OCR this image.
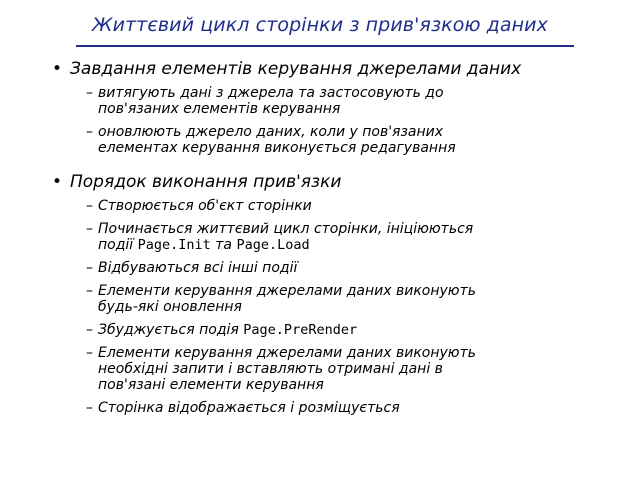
Життєвий цикл сторінки з прив'язкою даних
• Завдання елементів керування джерелами даних
– витягують дані з джерела та застосовують до
пов'язаних елементів керування
– оновлюють джерело даних, коли у пов'язаних
елементах керування виконується редагування
• Порядок виконання прив'язки
– Створюється об'єкт сторінки
– Починається життєвий цикл сторінки, ініціюються
події Page.Init та Page.Load
– Відбуваються всі інші події
– Елементи керування джерелами даних виконують
будь-які оновлення
– Збуджується подія Page.PreRender
– Елементи керування джерелами даних виконують
необхідні запити і вставляють отримані дані в
пов'язані елементи керування
– Сторінка відображається і розміщується
